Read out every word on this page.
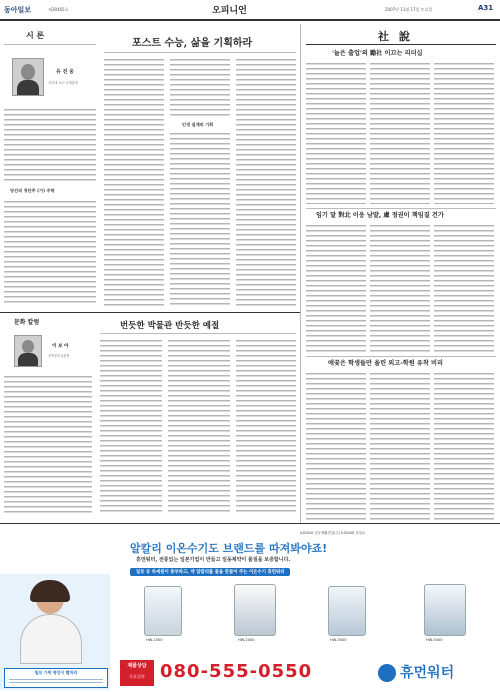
동아일보	제28465호	오피니언	2007년 11월 17일 토요일	A31
시 론
유 진 웅
서강대 교수·국제관계
당선의 첫단추 (가) 주탁
포스트 수능, 삶을 기획하라
인생 설계의 기회
社 說
'늘은 출업'의 勵社 이끄는 리더십
임기 말 對北 이응 남발, 盧 정권이 책임질 건가
애꿎은 학생들만 울린 외고-학원 유착 비리
문화 칼럼
이 보 아
성북동미술관장
번듯한 박물관 반듯한 예절
ILDONG 일동생활건강(주) ILDONG 상업소
알칼리 이온수기도 브랜드를 따져봐야죠!
휴먼워터, 전통있는 일본기업이 만들고 일동제약이 품질을 보증합니다.
빌보 가탁 형성이 빨하리
일동 등 하세원이 통부하고, 약 알칼리를 물을 만들어 주는 이온수기 휴먼워터
HW-1000	HW-2000	HW-3000	HW-5000
제품상담
무료설치 080-555-0550	휴먼워터
